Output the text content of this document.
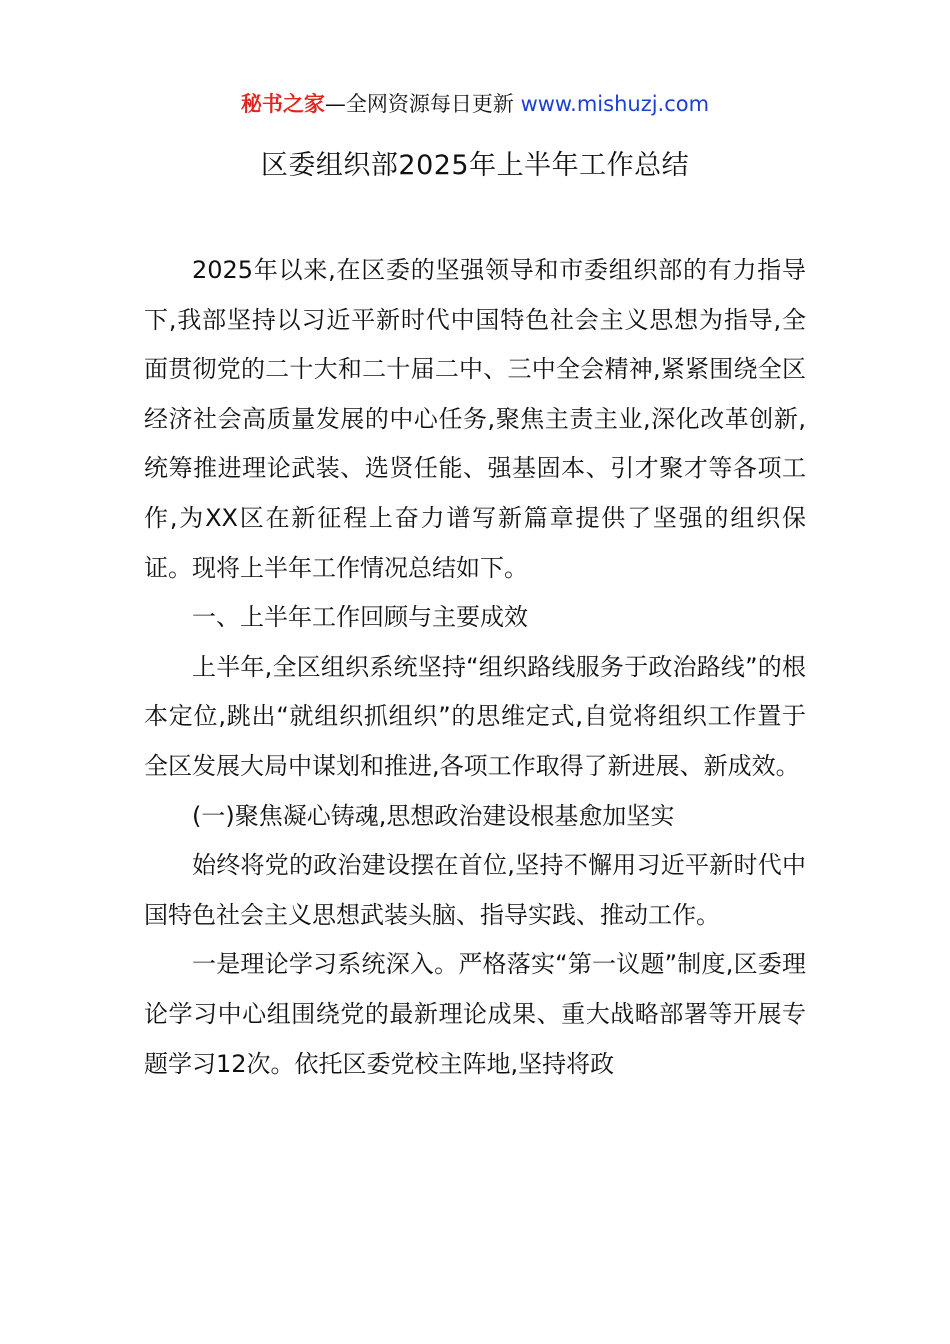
秘书之家—全网资源每日更新 www.mishuzj.com
区委组织部2025年上半年工作总结

2025年以来,在区委的坚强领导和市委组织部的有力指导下,我部坚持以习近平新时代中国特色社会主义思想为指导,全面贯彻党的二十大和二十届二中、三中全会精神,紧紧围绕全区经济社会高质量发展的中心任务,聚焦主责主业,深化改革创新,统筹推进理论武装、选贤任能、强基固本、引才聚才等各项工作,为XX区在新征程上奋力谱写新篇章提供了坚强的组织保证。现将上半年工作情况总结如下。

一、上半年工作回顾与主要成效

上半年,全区组织系统坚持“组织路线服务于政治路线”的根本定位,跳出“就组织抓组织”的思维定式,自觉将组织工作置于全区发展大局中谋划和推进,各项工作取得了新进展、新成效。

(一)聚焦凝心铸魂,思想政治建设根基愈加坚实

始终将党的政治建设摆在首位,坚持不懈用习近平新时代中国特色社会主义思想武装头脑、指导实践、推动工作。

一是理论学习系统深入。严格落实“第一议题”制度,区委理论学习中心组围绕党的最新理论成果、重大战略部署等开展专题学习12次。依托区委党校主阵地,坚持将政
